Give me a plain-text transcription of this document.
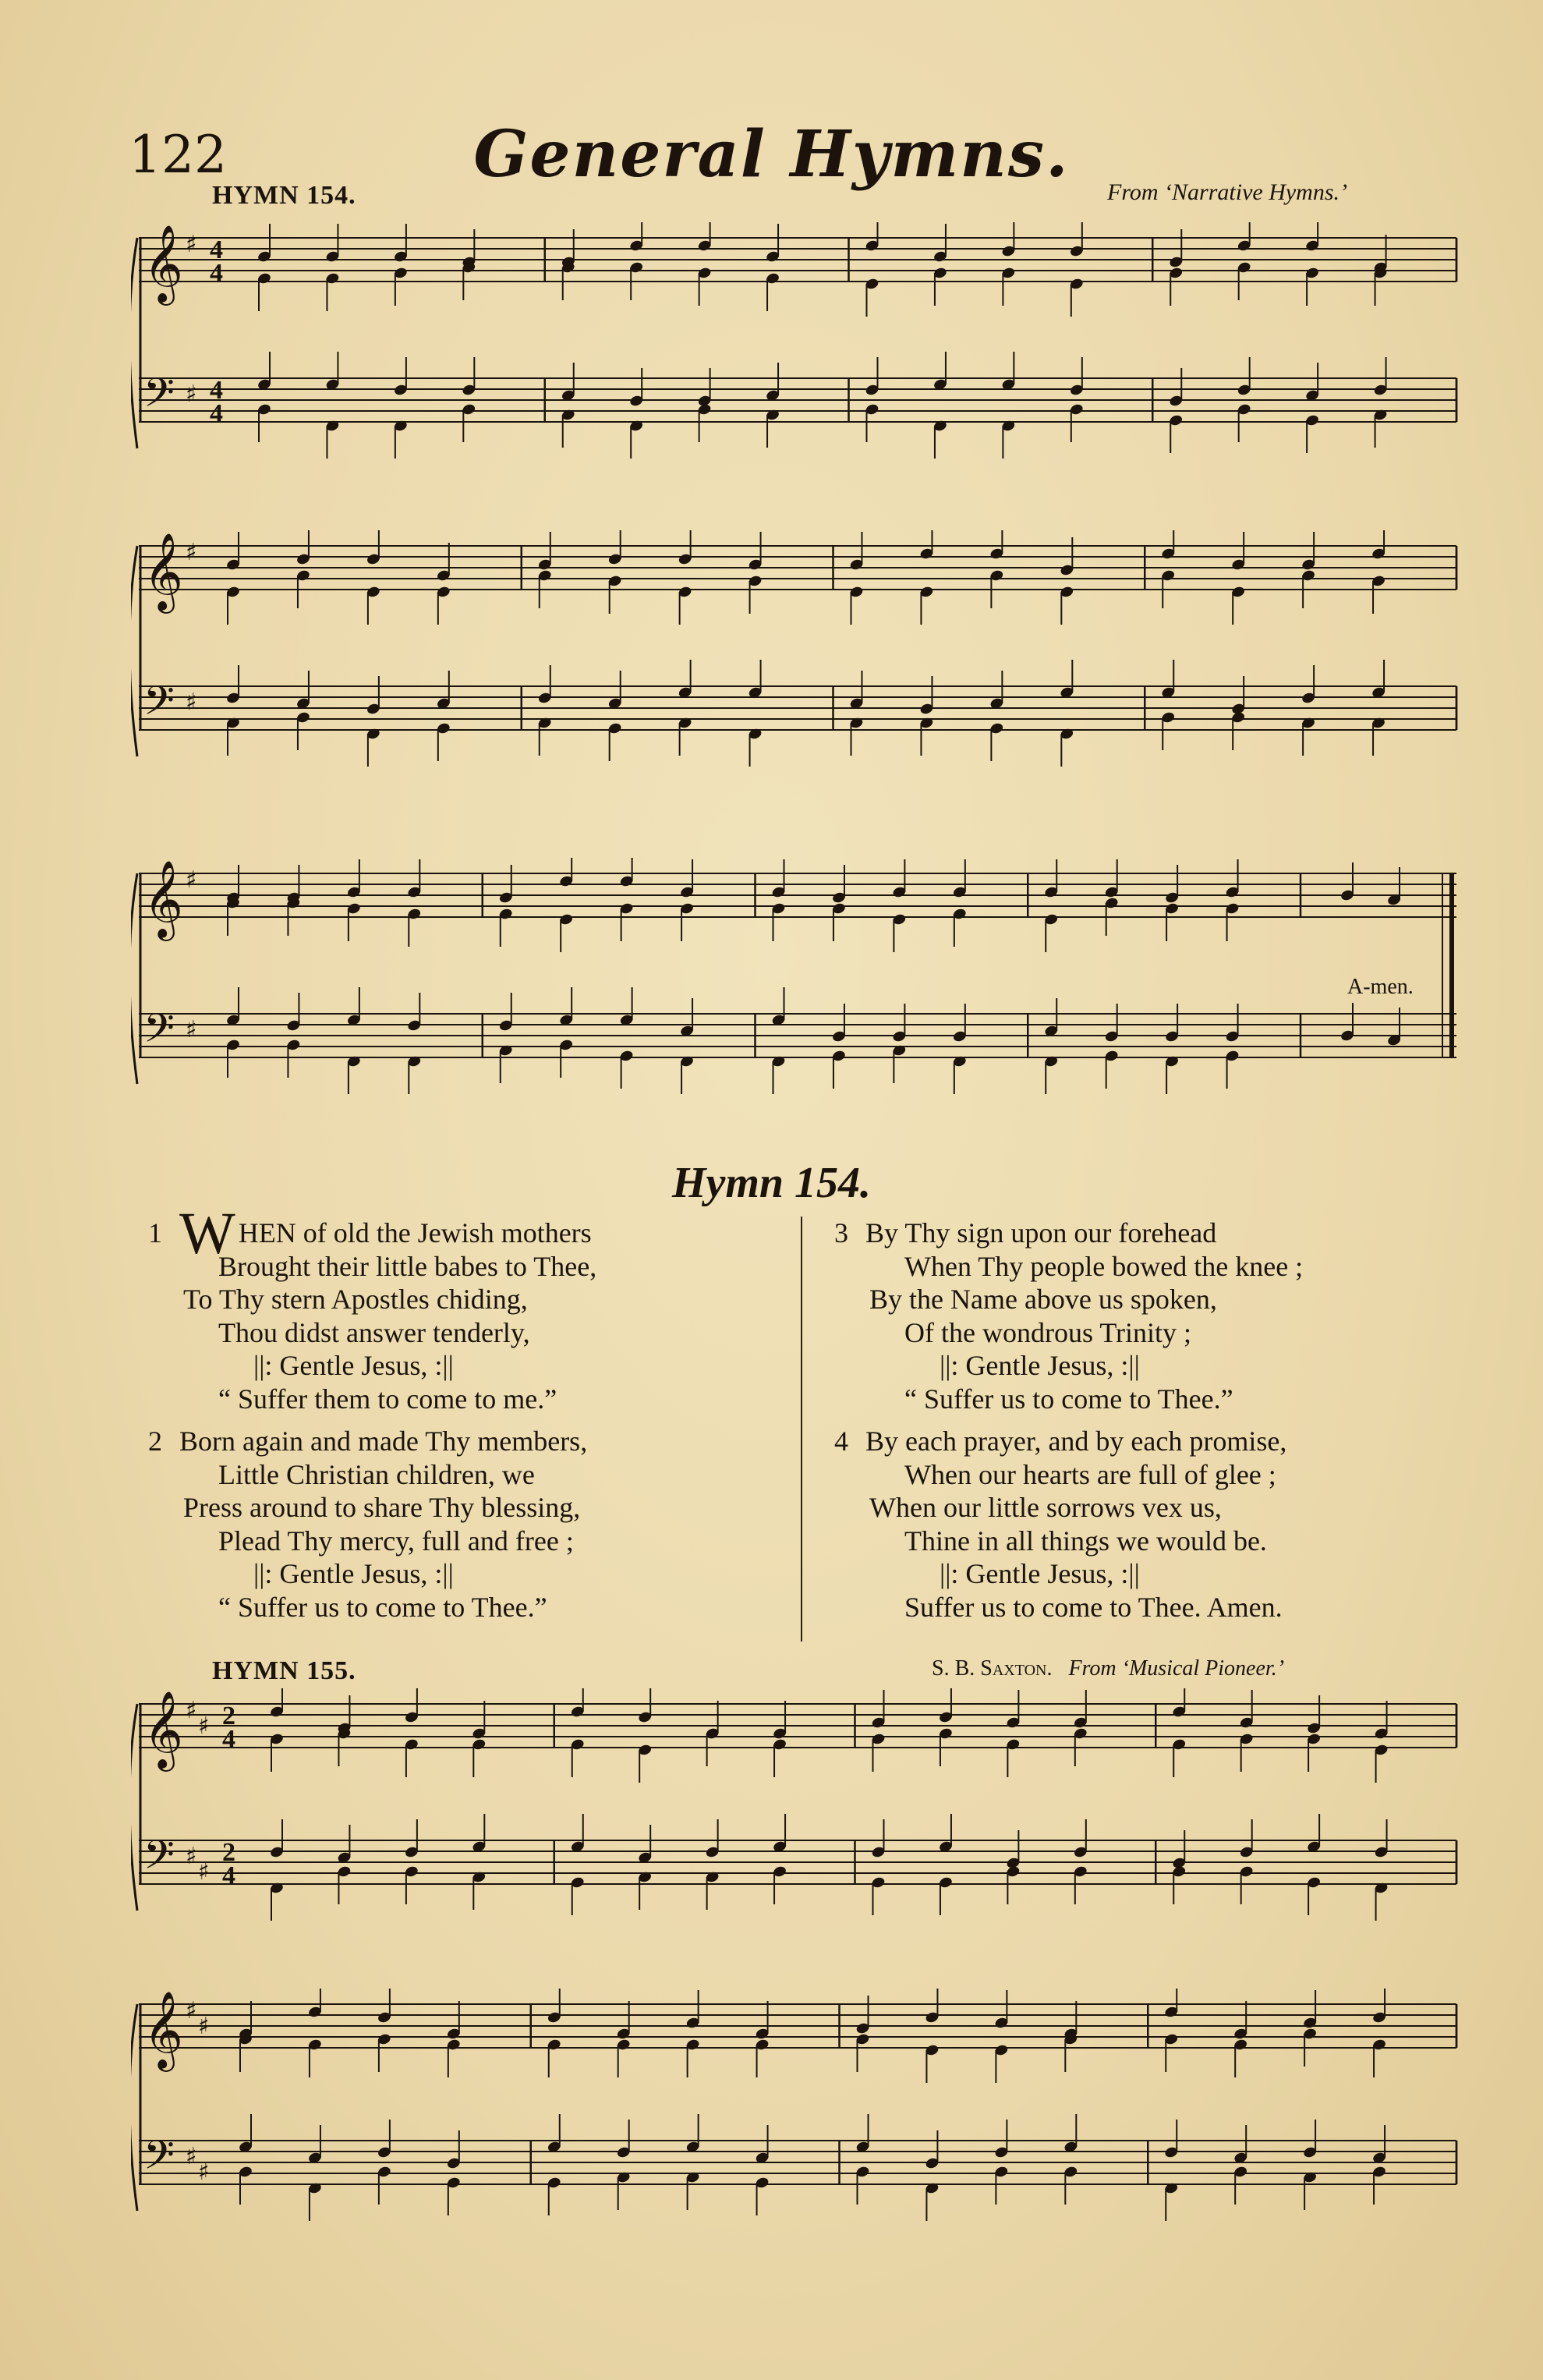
122	General Hymns.
HYMN 154.	From ‘Narrative Hymns.’
𝄞
𝄢
♯
♯
4
4
4
4
𝄞
𝄢
♯
♯
𝄞
𝄢
♯
♯
A-men.
Hymn 154.
1 W HEN of old the Jewish mothers
Brought their little babes to Thee,
To Thy stern Apostles chiding,
Thou didst answer tenderly,
||: Gentle Jesus, :||
“ Suffer them to come to me.”
2 Born again and made Thy members,
Little Christian children, we
Press around to share Thy blessing,
Plead Thy mercy, full and free ;
||: Gentle Jesus, :||
“ Suffer us to come to Thee.”
3 By Thy sign upon our forehead
When Thy people bowed the knee ;
By the Name above us spoken,
Of the wondrous Trinity ;
||: Gentle Jesus, :||
“ Suffer us to come to Thee.”
4 By each prayer, and by each promise,
When our hearts are full of glee ;
When our little sorrows vex us,
Thine in all things we would be.
||: Gentle Jesus, :||
Suffer us to come to Thee. Amen.
HYMN 155.	S. B. Saxton. From ‘Musical Pioneer.’
𝄞
𝄢
♯
♯
♯
♯
2
4
2
4
𝄞
𝄢
♯
♯
♯
♯
